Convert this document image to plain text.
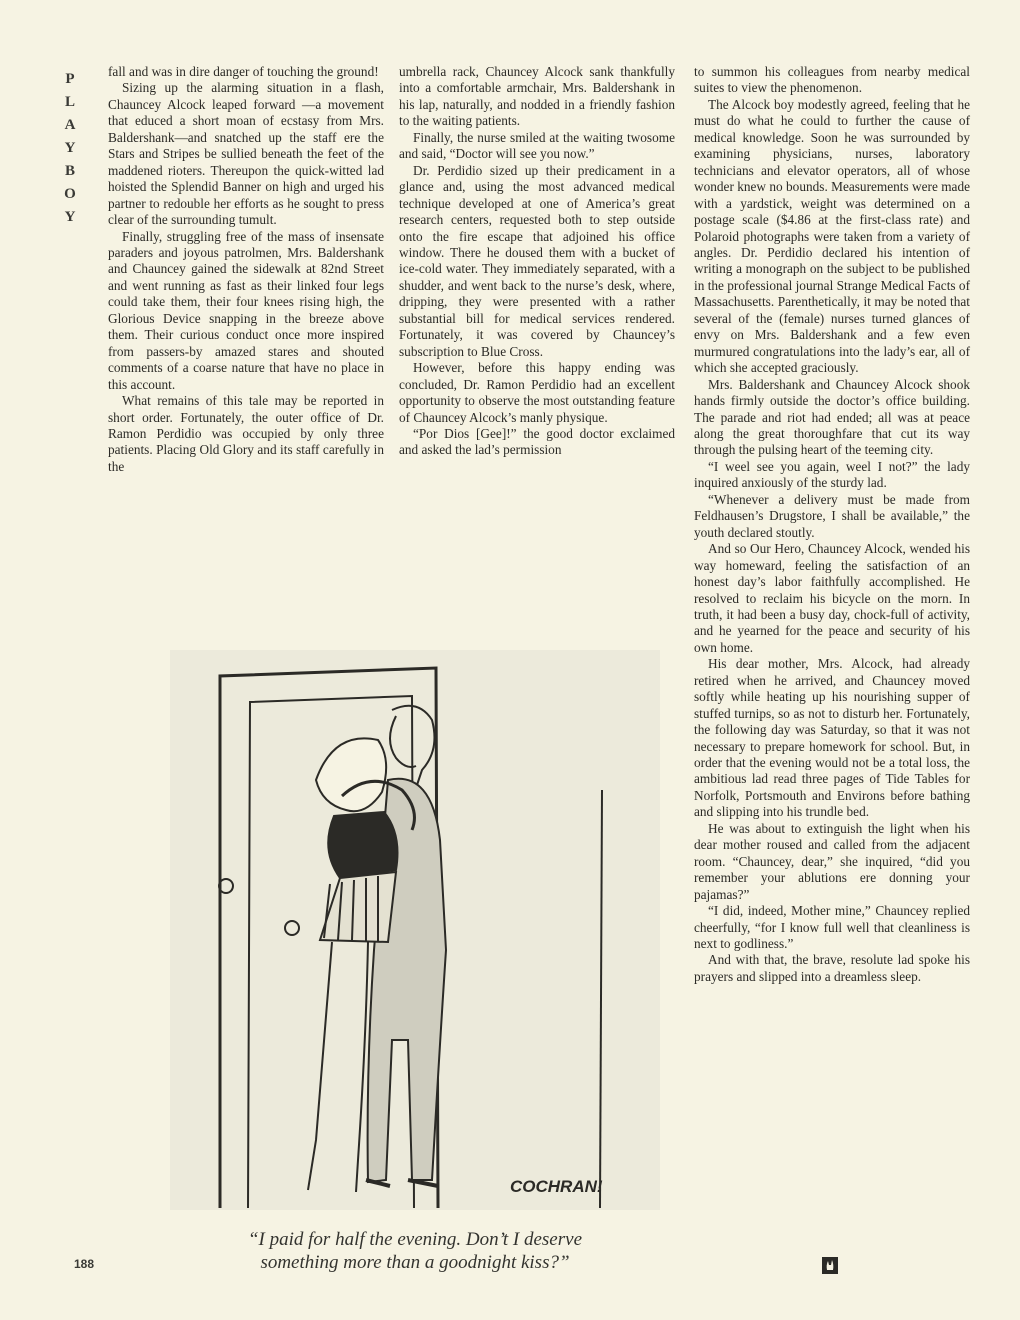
P
L
A
Y
B
O
Y

fall and was in dire danger of touching the ground!

Sizing up the alarming situation in a flash, Chauncey Alcock leaped forward —a movement that educed a short moan of ecstasy from Mrs. Baldershank—and snatched up the staff ere the Stars and Stripes be sullied beneath the feet of the maddened rioters. Thereupon the quick-witted lad hoisted the Splendid Banner on high and urged his partner to redouble her efforts as he sought to press clear of the surrounding tumult.

Finally, struggling free of the mass of insensate paraders and joyous patrolmen, Mrs. Baldershank and Chauncey gained the sidewalk at 82nd Street and went running as fast as their linked four legs could take them, their four knees rising high, the Glorious Device snapping in the breeze above them. Their curious conduct once more inspired from passers-by amazed stares and shouted comments of a coarse nature that have no place in this account.

What remains of this tale may be reported in short order. Fortunately, the outer office of Dr. Ramon Perdidio was occupied by only three patients. Placing Old Glory and its staff carefully in the

umbrella rack, Chauncey Alcock sank thankfully into a comfortable armchair, Mrs. Baldershank in his lap, naturally, and nodded in a friendly fashion to the waiting patients.

Finally, the nurse smiled at the waiting twosome and said, “Doctor will see you now.”

Dr. Perdidio sized up their predicament in a glance and, using the most advanced medical technique developed at one of America’s great research centers, requested both to step outside onto the fire escape that adjoined his office window. There he doused them with a bucket of ice-cold water. They immediately separated, with a shudder, and went back to the nurse’s desk, where, dripping, they were presented with a rather substantial bill for medical services rendered. Fortunately, it was covered by Chauncey’s subscription to Blue Cross.

However, before this happy ending was concluded, Dr. Ramon Perdidio had an excellent opportunity to observe the most outstanding feature of Chauncey Alcock’s manly physique.

“Por Dios [Gee]!” the good doctor exclaimed and asked the lad’s permission

to summon his colleagues from nearby medical suites to view the phenomenon.

The Alcock boy modestly agreed, feeling that he must do what he could to further the cause of medical knowledge. Soon he was surrounded by examining physicians, nurses, laboratory technicians and elevator operators, all of whose wonder knew no bounds. Measurements were made with a yardstick, weight was determined on a postage scale ($4.86 at the first-class rate) and Polaroid photographs were taken from a variety of angles. Dr. Perdidio declared his intention of writing a monograph on the subject to be published in the professional journal Strange Medical Facts of Massachusetts. Parenthetically, it may be noted that several of the (female) nurses turned glances of envy on Mrs. Baldershank and a few even murmured congratulations into the lady’s ear, all of which she accepted graciously.

Mrs. Baldershank and Chauncey Alcock shook hands firmly outside the doctor’s office building. The parade and riot had ended; all was at peace along the great thoroughfare that cut its way through the pulsing heart of the teeming city.

“I weel see you again, weel I not?” the lady inquired anxiously of the sturdy lad.

“Whenever a delivery must be made from Feldhausen’s Drugstore, I shall be available,” the youth declared stoutly.

And so Our Hero, Chauncey Alcock, wended his way homeward, feeling the satisfaction of an honest day’s labor faithfully accomplished. He resolved to reclaim his bicycle on the morn. In truth, it had been a busy day, chock-full of activity, and he yearned for the peace and security of his own home.

His dear mother, Mrs. Alcock, had already retired when he arrived, and Chauncey moved softly while heating up his nourishing supper of stuffed turnips, so as not to disturb her. Fortunately, the following day was Saturday, so that it was not necessary to prepare homework for school. But, in order that the evening would not be a total loss, the ambitious lad read three pages of Tide Tables for Norfolk, Portsmouth and Environs before bathing and slipping into his trundle bed.

He was about to extinguish the light when his dear mother roused and called from the adjacent room. “Chauncey, dear,” she inquired, “did you remember your ablutions ere donning your pajamas?”

“I did, indeed, Mother mine,” Chauncey replied cheerfully, “for I know full well that cleanliness is next to godliness.”

And with that, the brave, resolute lad spoke his prayers and slipped into a dreamless sleep.

COCHRAN!
“I paid for half the evening. Don’t I deserve
something more than a goodnight kiss?”
188
